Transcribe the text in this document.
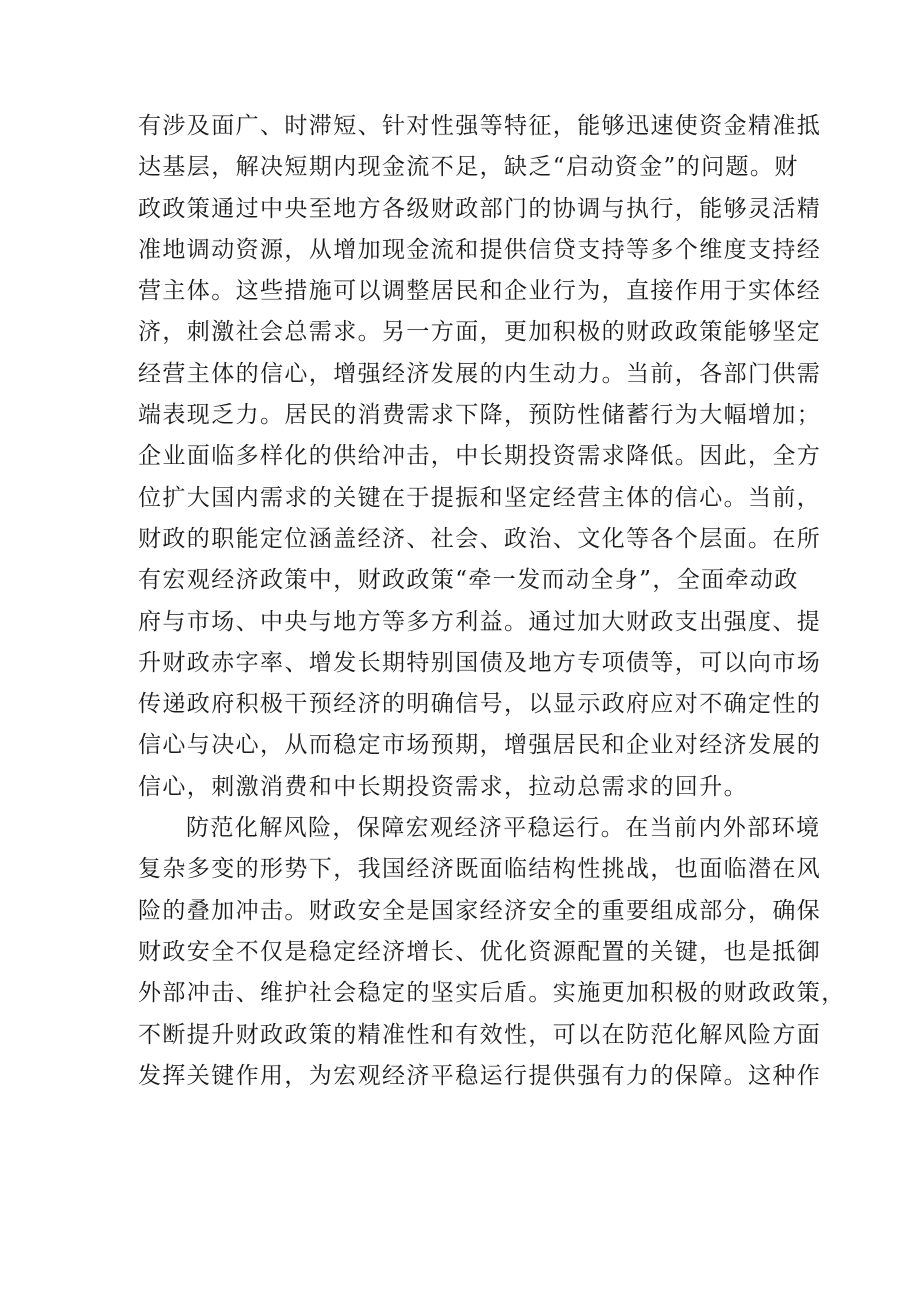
有涉及面广、时滞短、针对性强等特征，能够迅速使资金精准抵
达基层，解决短期内现金流不足，缺乏“启动资金”的问题。财
政政策通过中央至地方各级财政部门的协调与执行，能够灵活精
准地调动资源，从增加现金流和提供信贷支持等多个维度支持经
营主体。这些措施可以调整居民和企业行为，直接作用于实体经
济，刺激社会总需求。另一方面，更加积极的财政政策能够坚定
经营主体的信心，增强经济发展的内生动力。当前，各部门供需
端表现乏力。居民的消费需求下降，预防性储蓄行为大幅增加；
企业面临多样化的供给冲击，中长期投资需求降低。因此，全方
位扩大国内需求的关键在于提振和坚定经营主体的信心。当前，
财政的职能定位涵盖经济、社会、政治、文化等各个层面。在所
有宏观经济政策中，财政政策“牵一发而动全身”，全面牵动政
府与市场、中央与地方等多方利益。通过加大财政支出强度、提
升财政赤字率、增发长期特别国债及地方专项债等，可以向市场
传递政府积极干预经济的明确信号，以显示政府应对不确定性的
信心与决心，从而稳定市场预期，增强居民和企业对经济发展的
信心，刺激消费和中长期投资需求，拉动总需求的回升。
防范化解风险，保障宏观经济平稳运行。在当前内外部环境
复杂多变的形势下，我国经济既面临结构性挑战，也面临潜在风
险的叠加冲击。财政安全是国家经济安全的重要组成部分，确保
财政安全不仅是稳定经济增长、优化资源配置的关键，也是抵御
外部冲击、维护社会稳定的坚实后盾。实施更加积极的财政政策，
不断提升财政政策的精准性和有效性，可以在防范化解风险方面
发挥关键作用，为宏观经济平稳运行提供强有力的保障。这种作
